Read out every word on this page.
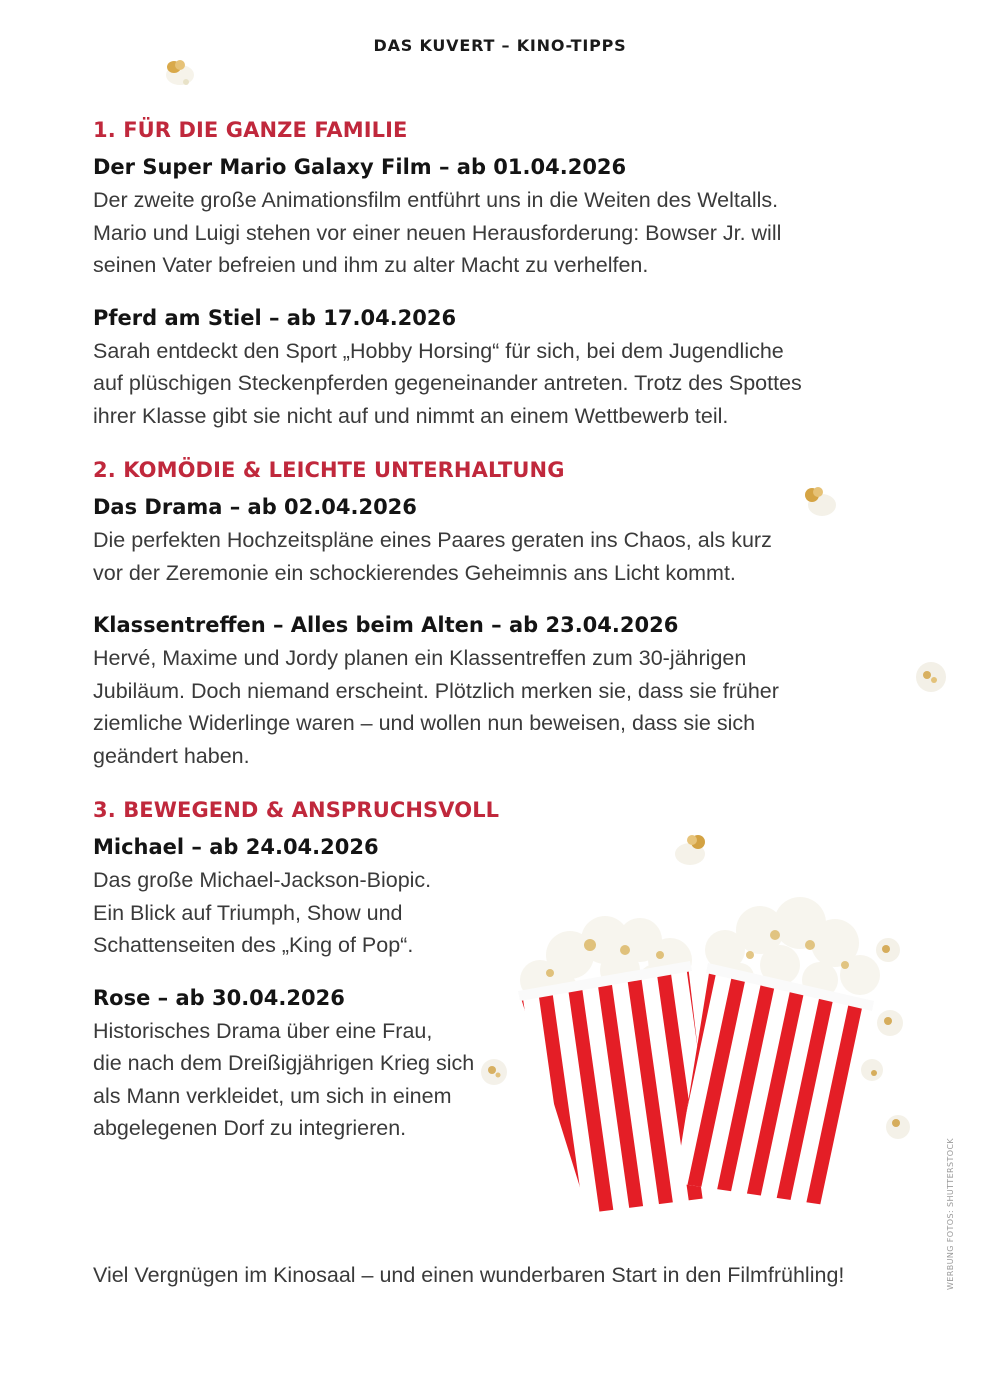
DAS KUVERT – KINO-TIPPS
1. FÜR DIE GANZE FAMILIE
Der Super Mario Galaxy Film – ab 01.04.2026

Der zweite große Animationsfilm entführt uns in die Weiten des Weltalls.
Mario und Luigi stehen vor einer neuen Herausforderung: Bowser Jr. will
seinen Vater befreien und ihm zu alter Macht zu verhelfen.

Pferd am Stiel – ab 17.04.2026

Sarah entdeckt den Sport „Hobby Horsing“ für sich, bei dem Jugendliche
auf plüschigen Steckenpferden gegeneinander antreten. Trotz des Spottes
ihrer Klasse gibt sie nicht auf und nimmt an einem Wettbewerb teil.

2. KOMÖDIE & LEICHTE UNTERHALTUNG
Das Drama – ab 02.04.2026

Die perfekten Hochzeitspläne eines Paares geraten ins Chaos, als kurz
vor der Zeremonie ein schockierendes Geheimnis ans Licht kommt.

Klassentreffen – Alles beim Alten – ab 23.04.2026

Hervé, Maxime und Jordy planen ein Klassentreffen zum 30-jährigen
Jubiläum. Doch niemand erscheint. Plötzlich merken sie, dass sie früher
ziemliche Widerlinge waren – und wollen nun beweisen, dass sie sich
geändert haben.

3. BEWEGEND & ANSPRUCHSVOLL
Michael – ab 24.04.2026

Das große Michael-Jackson-Biopic.
Ein Blick auf Triumph, Show und
Schattenseiten des „King of Pop“.

Rose – ab 30.04.2026

Historisches Drama über eine Frau,
die nach dem Dreißigjährigen Krieg sich
als Mann verkleidet, um sich in einem
abgelegenen Dorf zu integrieren.

Viel Vergnügen im Kinosaal – und einen wunderbaren Start in den Filmfrühling!	WERBUNG FOTOS: SHUTTERSTOCK
